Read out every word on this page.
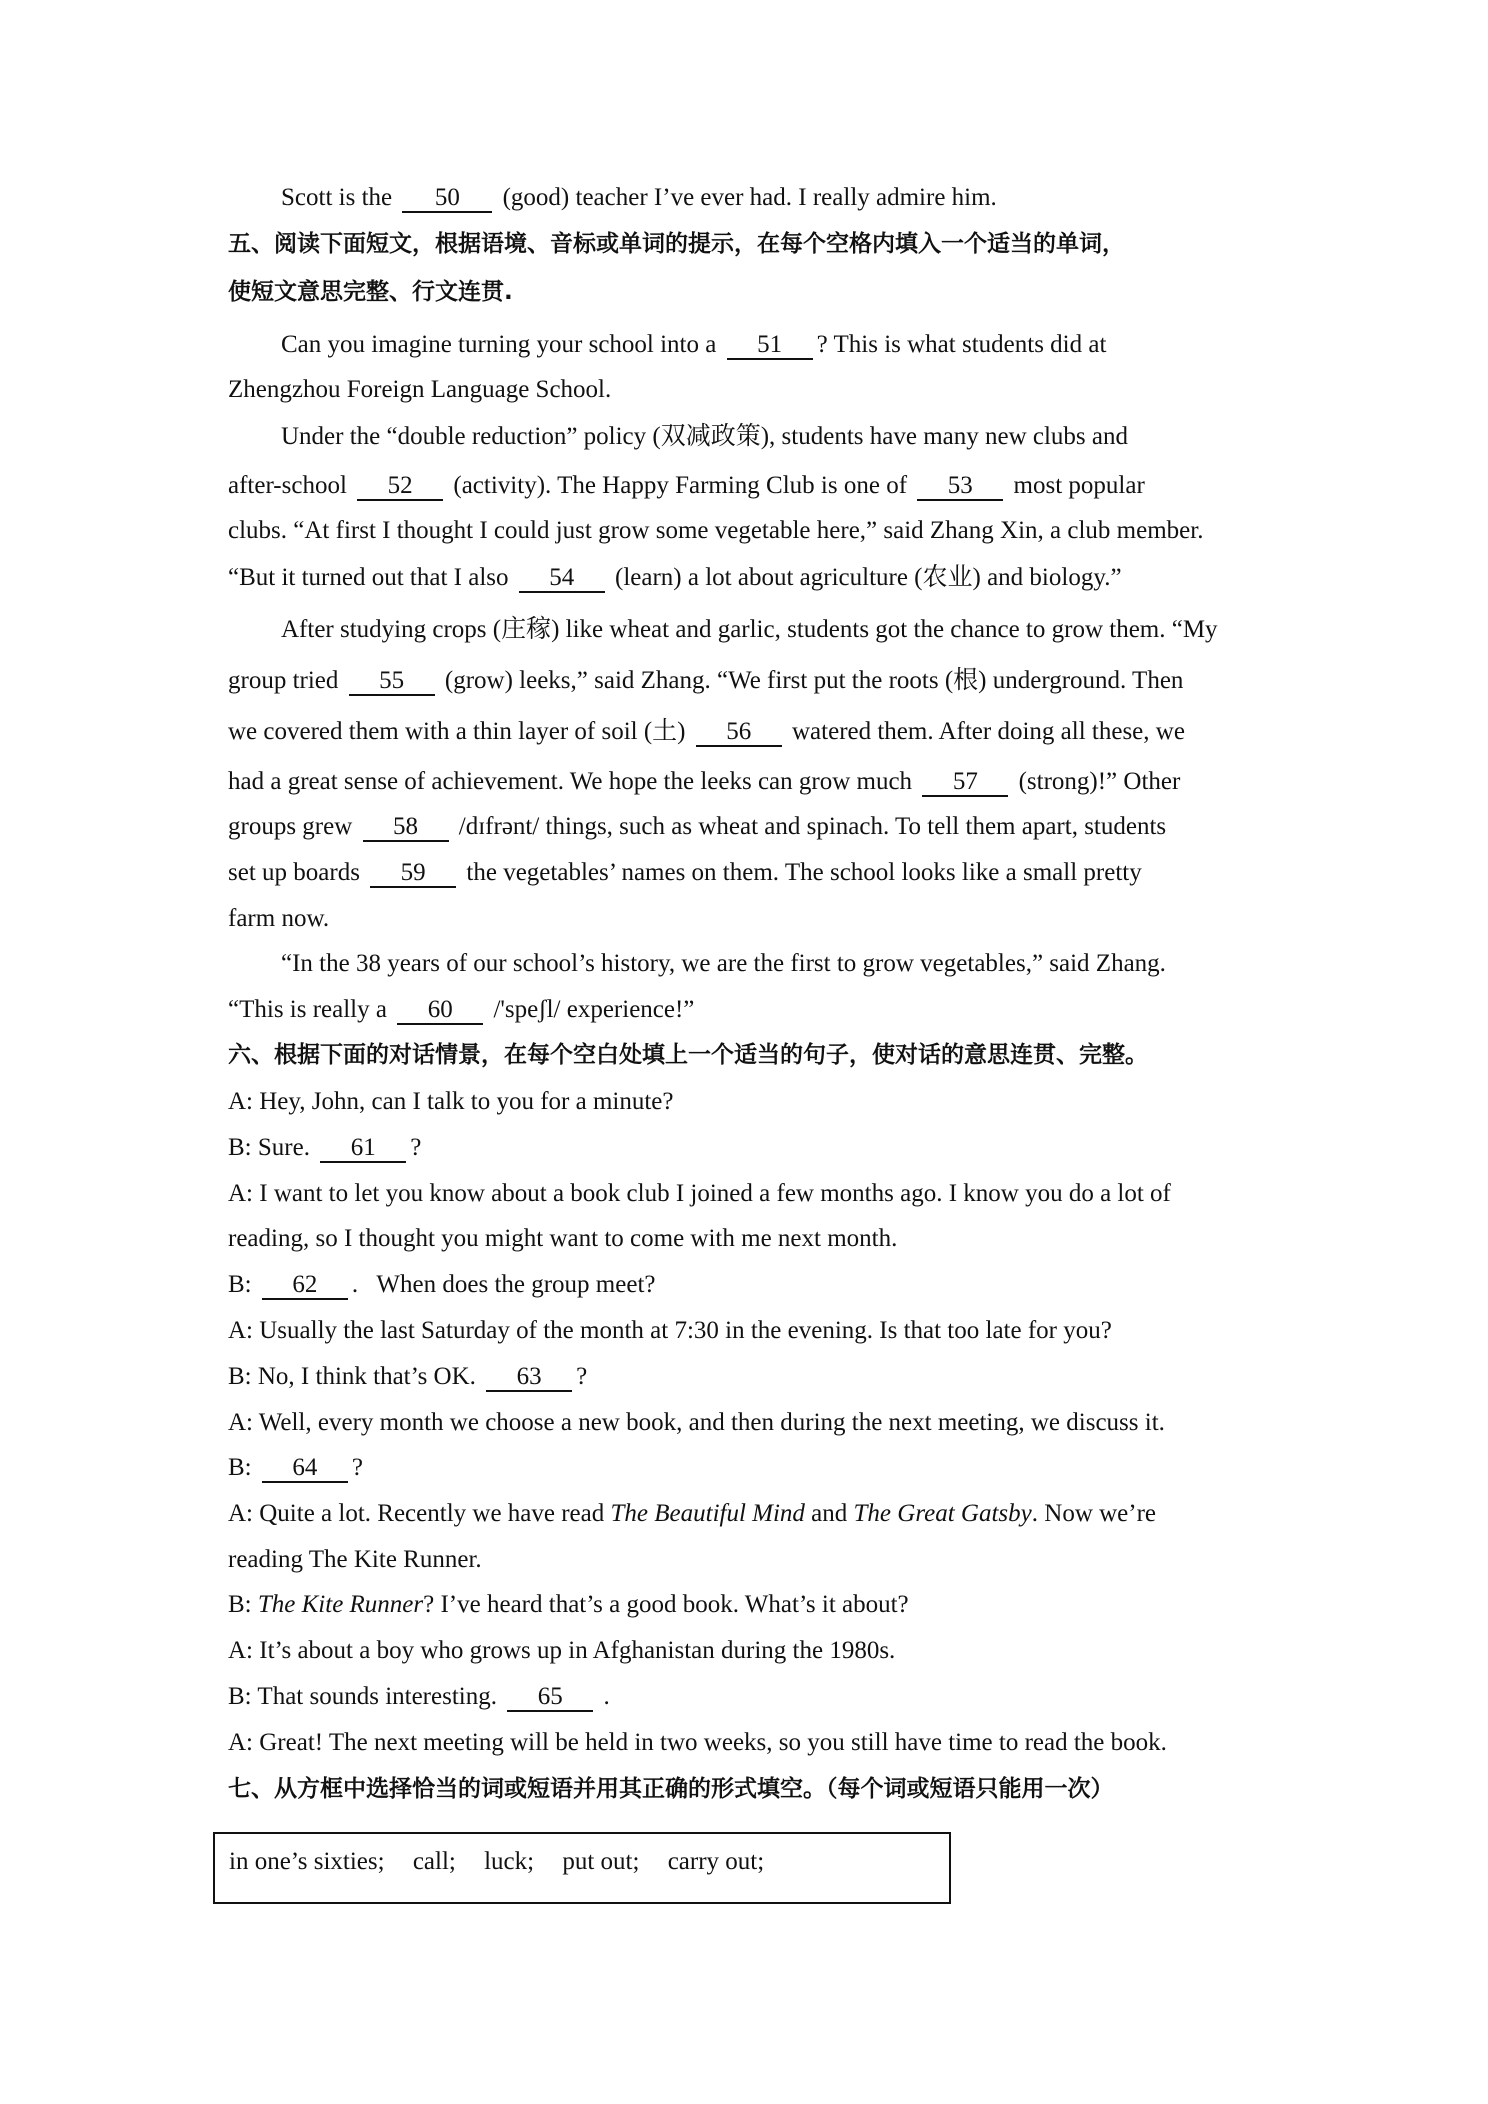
Scott is the 50 (good) teacher I’ve ever had. I really admire him.
五、阅读下面短文，根据语境、音标或单词的提示，在每个空格内填入一个适当的单词，
使短文意思完整、行文连贯.
Can you imagine turning your school into a 51 ? This is what students did at
Zhengzhou Foreign Language School.
Under the “double reduction” policy (双减政策), students have many new clubs and
after-school 52 (activity). The Happy Farming Club is one of 53 most popular
clubs. “At first I thought I could just grow some vegetable here,” said Zhang Xin, a club member.
“But it turned out that I also 54 (learn) a lot about agriculture (农业) and biology.”
After studying crops (庄稼) like wheat and garlic, students got the chance to grow them. “My
group tried 55 (grow) leeks,” said Zhang. “We first put the roots (根) underground. Then
we covered them with a thin layer of soil (土) 56 watered them. After doing all these, we
had a great sense of achievement. We hope the leeks can grow much 57 (strong)!” Other
groups grew 58 /dɪfrənt/ things, such as wheat and spinach. To tell them apart, students
set up boards 59 the vegetables’ names on them. The school looks like a small pretty
farm now.
“In the 38 years of our school’s history, we are the first to grow vegetables,” said Zhang.
“This is really a 60 /'speʃl/ experience!”
六、根据下面的对话情景，在每个空白处填上一个适当的句子，使对话的意思连贯、完整。
A: Hey, John, can I talk to you for a minute?
B: Sure. 61 ?
A: I want to let you know about a book club I joined a few months ago. I know you do a lot of
reading, so I thought you might want to come with me next month.
B: 62 .   When does the group meet?
A: Usually the last Saturday of the month at 7:30 in the evening. Is that too late for you?
B: No, I think that’s OK. 63 ?
A: Well, every month we choose a new book, and then during the next meeting, we discuss it.
B: 64 ?
A: Quite a lot. Recently we have read The Beautiful Mind and The Great Gatsby. Now we’re
reading The Kite Runner.
B: The Kite Runner? I’ve heard that’s a good book. What’s it about?
A: It’s about a boy who grows up in Afghanistan during the 1980s.
B: That sounds interesting. 65 .
A: Great! The next meeting will be held in two weeks, so you still have time to read the book.
七、从方框中选择恰当的词或短语并用其正确的形式填空。（每个词或短语只能用一次）
in one’s sixties; call; luck; put out; carry out;
